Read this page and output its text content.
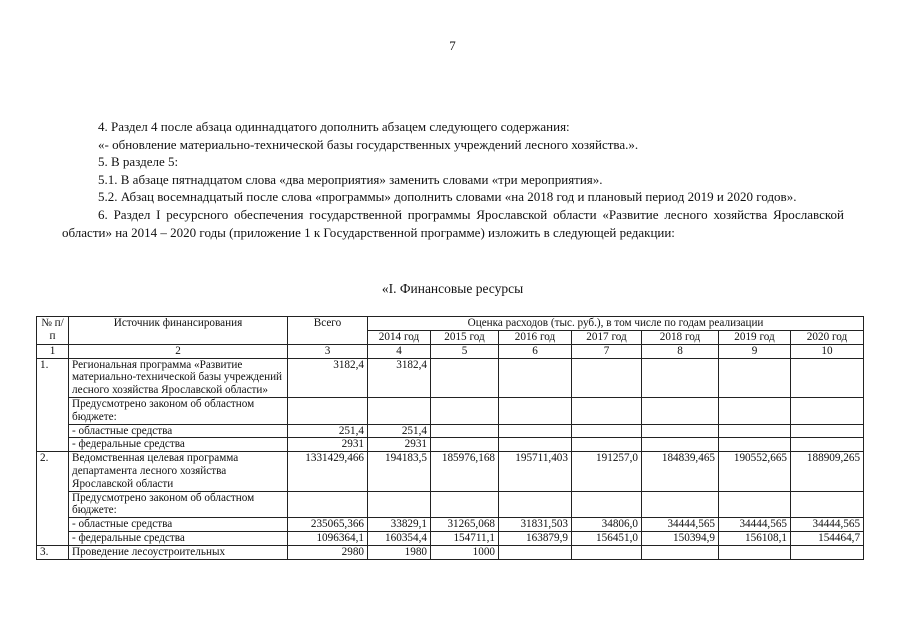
7

4. Раздел 4 после абзаца одиннадцатого дополнить абзацем следующего содержания:

«- обновление материально-технической базы государственных учреждений лесного хозяйства.».

5. В разделе 5:

5.1. В абзаце пятнадцатом слова «два мероприятия» заменить словами «три мероприятия».

5.2. Абзац восемнадцатый после слова «программы» дополнить словами «на 2018 год и плановый период 2019 и 2020 годов».

6. Раздел I ресурсного обеспечения государственной программы Ярославской области «Развитие лесного хозяйства Ярославской области» на 2014 – 2020 годы (приложение 1 к Государственной программе) изложить в следующей редакции:

«I. Финансовые ресурсы
№ п/п	Источник финансирования	Всего	Оценка расходов (тыс. руб.), в том числе по годам реализации						
			2014 год	2015 год	2016 год	2017 год	2018 год	2019 год	2020 год
1	2	3	4	5	6	7	8	9	10
1.	Региональная программа «Развитие материально-технической базы учреждений лесного хозяйства Ярославской области»	3182,4	3182,4						
	Предусмотрено законом об областном бюджете:								
	- областные средства	251,4	251,4						
	- федеральные средства	2931	2931						
2.	Ведомственная целевая программа департамента лесного хозяйства Ярославской области	1331429,466	194183,5	185976,168	195711,403	191257,0	184839,465	190552,665	188909,265
	Предусмотрено законом об областном бюджете:								
	- областные средства	235065,366	33829,1	31265,068	31831,503	34806,0	34444,565	34444,565	34444,565
	- федеральные средства	1096364,1	160354,4	154711,1	163879,9	156451,0	150394,9	156108,1	154464,7
3.	Проведение лесоустроительных	2980	1980	1000					
